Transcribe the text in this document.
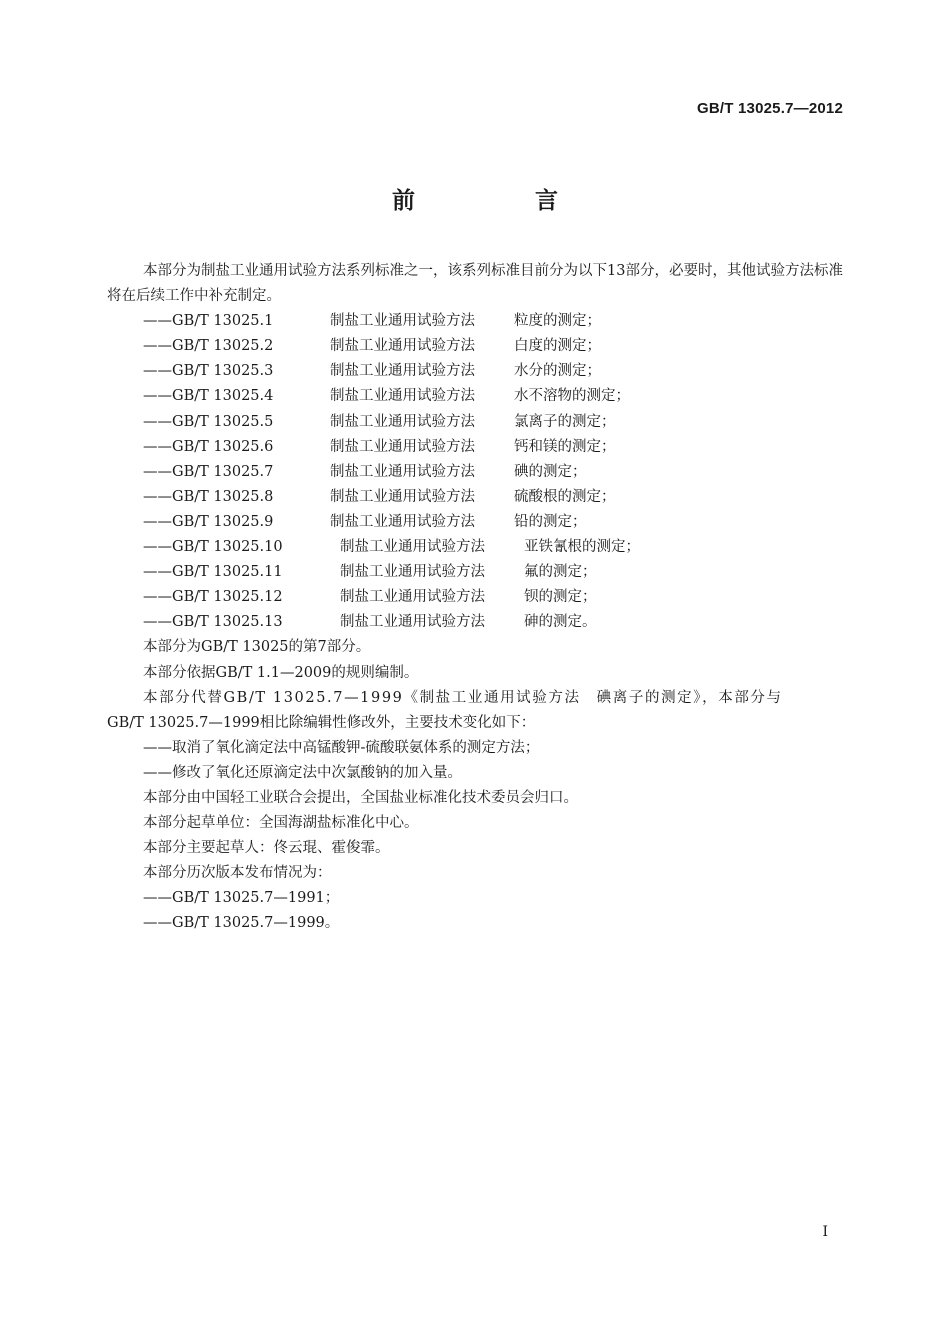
GB/T 13025.7—2012
前 言
本部分为制盐工业通用试验方法系列标准之一，该系列标准目前分为以下13部分，必要时，其他试验方法标准将在后续工作中补充制定。
——GB/T 13025.1	制盐工业通用试验方法	粒度的测定；
——GB/T 13025.2	制盐工业通用试验方法	白度的测定；
——GB/T 13025.3	制盐工业通用试验方法	水分的测定；
——GB/T 13025.4	制盐工业通用试验方法	水不溶物的测定；
——GB/T 13025.5	制盐工业通用试验方法	氯离子的测定；
——GB/T 13025.6	制盐工业通用试验方法	钙和镁的测定；
——GB/T 13025.7	制盐工业通用试验方法	碘的测定；
——GB/T 13025.8	制盐工业通用试验方法	硫酸根的测定；
——GB/T 13025.9	制盐工业通用试验方法	铅的测定；
——GB/T 13025.10	制盐工业通用试验方法	亚铁氰根的测定；
——GB/T 13025.11	制盐工业通用试验方法	氟的测定；
——GB/T 13025.12	制盐工业通用试验方法	钡的测定；
——GB/T 13025.13	制盐工业通用试验方法	砷的测定。
本部分为GB/T 13025的第7部分。
本部分依据GB/T 1.1—2009的规则编制。
本部分代替GB/T 13025.7—1999《制盐工业通用试验方法　碘离子的测定》，本部分与
GB/T 13025.7—1999相比除编辑性修改外，主要技术变化如下：
——取消了氧化滴定法中高锰酸钾-硫酸联氨体系的测定方法；
——修改了氧化还原滴定法中次氯酸钠的加入量。
本部分由中国轻工业联合会提出，全国盐业标准化技术委员会归口。
本部分起草单位：全国海湖盐标准化中心。
本部分主要起草人：佟云琨、霍俊霏。
本部分历次版本发布情况为：
——GB/T 13025.7—1991；
——GB/T 13025.7—1999。
I
